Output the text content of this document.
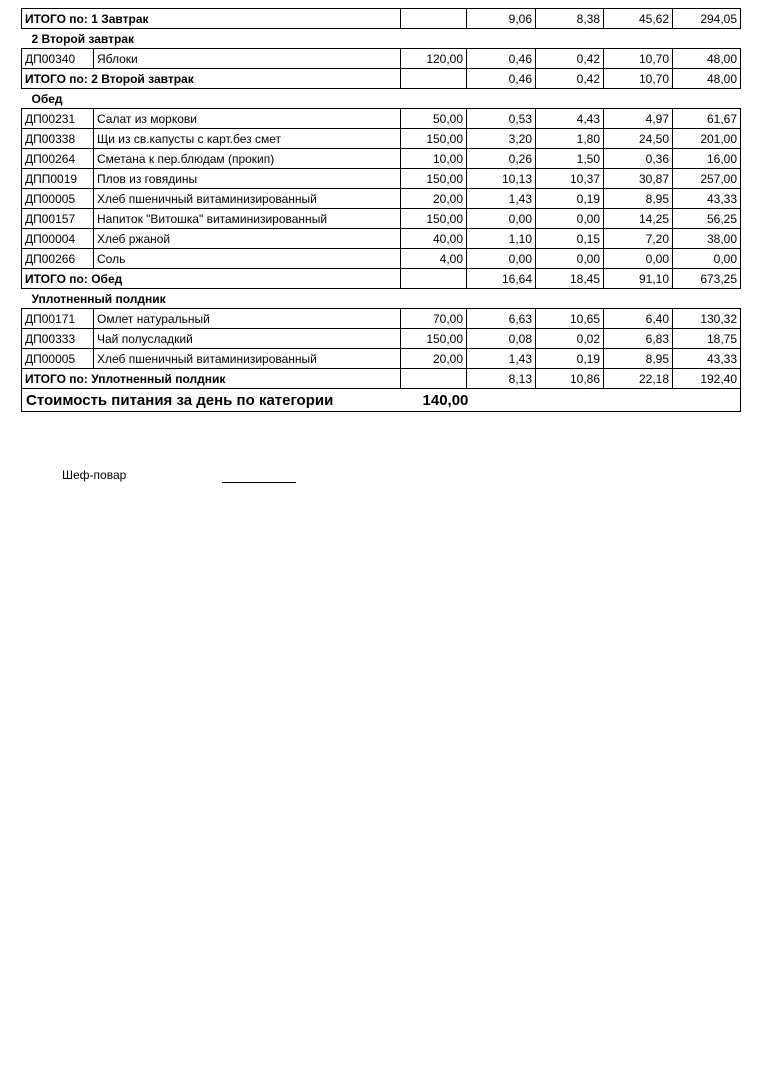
ИТОГО по: 1 Завтрак			9,06	8,38	45,62	294,05
2 Второй завтрак						
ДП00340	Яблоки	120,00	0,46	0,42	10,70	48,00
ИТОГО по: 2 Второй завтрак			0,46	0,42	10,70	48,00
Обед						
ДП00231	Салат из моркови	50,00	0,53	4,43	4,97	61,67
ДП00338	Щи из св.капусты с карт.без смет	150,00	3,20	1,80	24,50	201,00
ДП00264	Сметана к пер.блюдам (прокип)	10,00	0,26	1,50	0,36	16,00
ДПП0019	Плов из говядины	150,00	10,13	10,37	30,87	257,00
ДП00005	Хлеб пшеничный витаминизированный	20,00	1,43	0,19	8,95	43,33
ДП00157	Напиток "Витошка" витаминизированный	150,00	0,00	0,00	14,25	56,25
ДП00004	Хлеб ржаной	40,00	1,10	0,15	7,20	38,00
ДП00266	Соль	4,00	0,00	0,00	0,00	0,00
ИТОГО по: Обед			16,64	18,45	91,10	673,25
Уплотненный полдник						
ДП00171	Омлет натуральный	70,00	6,63	10,65	6,40	130,32
ДП00333	Чай полусладкий	150,00	0,08	0,02	6,83	18,75
ДП00005	Хлеб пшеничный витаминизированный	20,00	1,43	0,19	8,95	43,33
ИТОГО по: Уплотненный полдник			8,13	10,86	22,18	192,40
Стоимость питания за день по категории		140,00				
Шеф-повар
